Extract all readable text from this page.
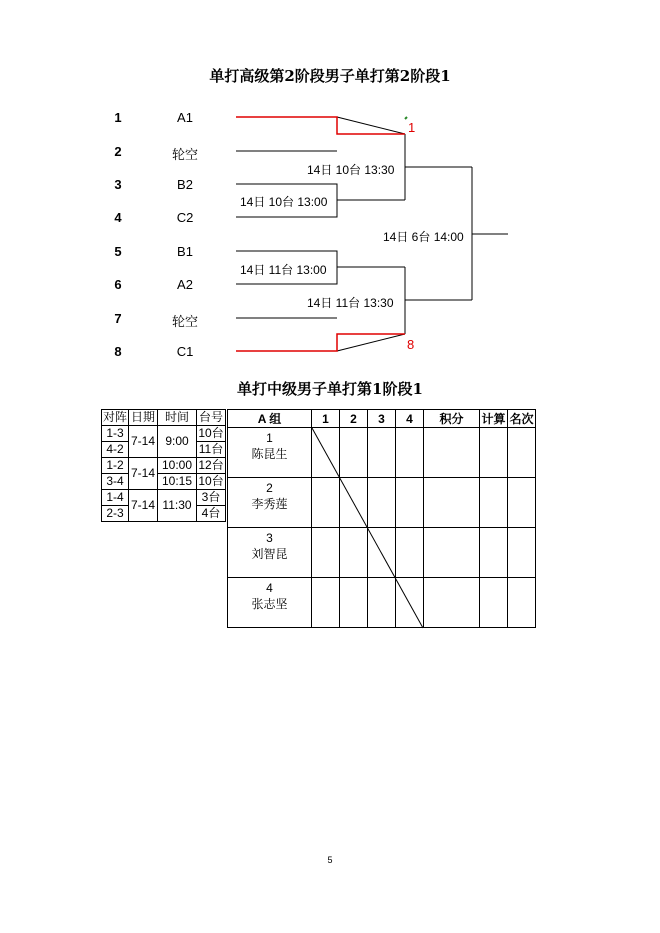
单打高级第2阶段男子单打第2阶段1
1	A1
2	轮空
3	B2
4	C2
5	B1
6	A2
7	轮空
8	C1
1
8
14日 10台 13:00
14日 11台 13:00
14日 10台 13:30
14日 11台 13:30
14日 6台 14:00
单打中级男子单打第1阶段1
对阵	日期	时间	台号
1-3	7-14	9:00	10台
4-2			11台
1-2	7-14	10:00	12台
3-4		10:15	10台
1-4	7-14	11:30	3台
2-3			4台
A 组	1	2	3	4	积分	计算	名次

1
陈昆生							

2
李秀莲							

3
刘智昆							

4
张志坚							

5
